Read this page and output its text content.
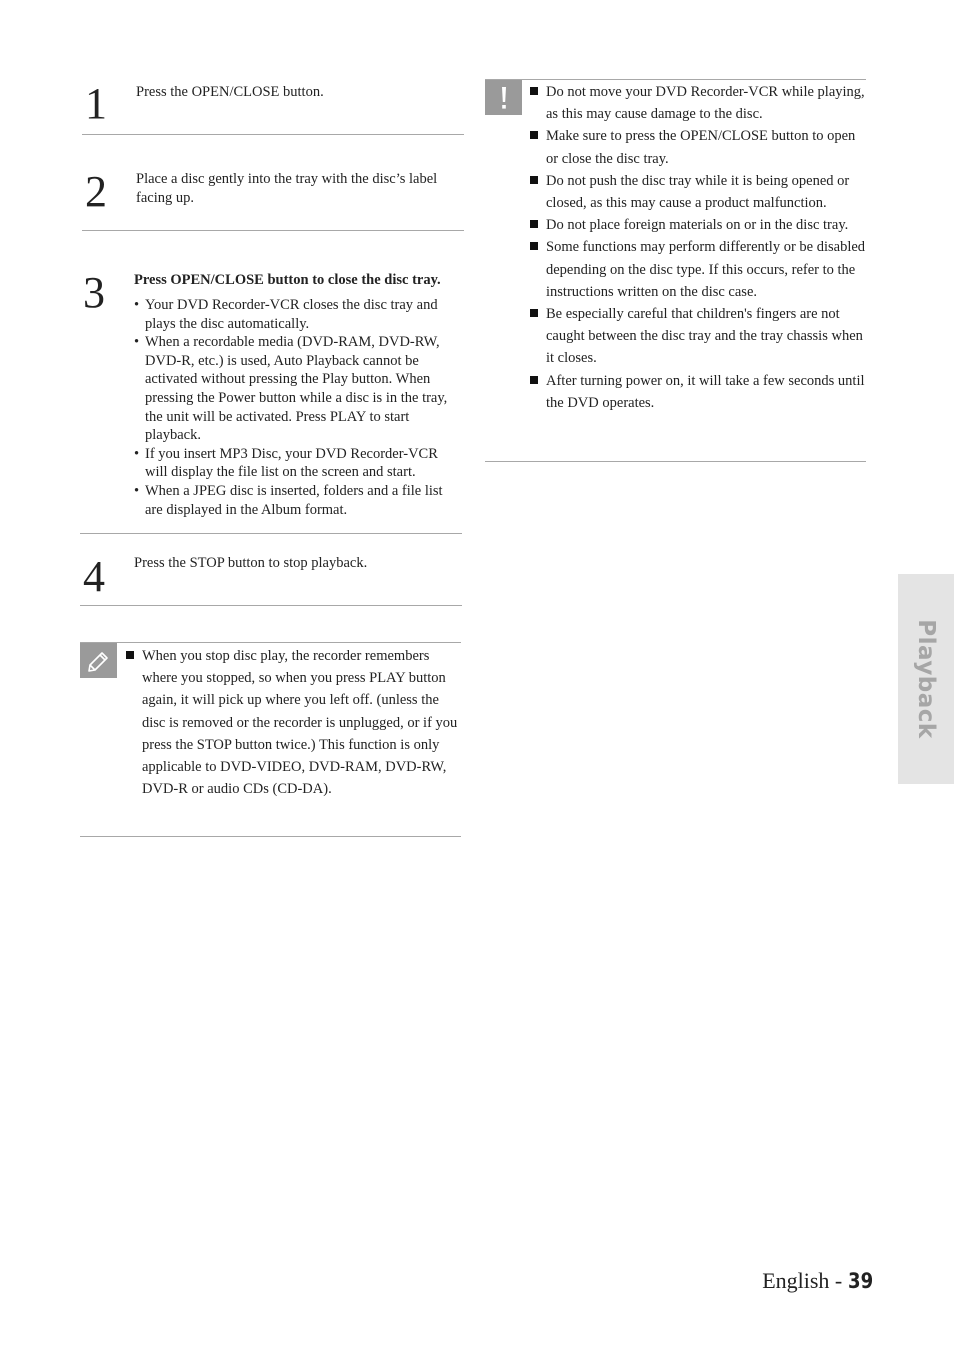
1 Press the OPEN/CLOSE button.
2 Place a disc gently into the tray with the disc’s label facing up.
3 Press OPEN/CLOSE button to close the disc tray.
• Your DVD Recorder-VCR closes the disc tray and plays the disc automatically.
• When a recordable media (DVD-RAM, DVD-RW, DVD-R, etc.) is used, Auto Playback cannot be activated without pressing the Play button. When pressing the Power button while a disc is in the tray, the unit will be activated. Press PLAY to start playback.
• If you insert MP3 Disc, your DVD Recorder-VCR will display the file list on the screen and start.
• When a JPEG disc is inserted, folders and a file list are displayed in the Album format.
4 Press the STOP button to stop playback.
When you stop disc play, the recorder remembers where you stopped, so when you press PLAY button again, it will pick up where you left off. (unless the disc is removed or the recorder is unplugged, or if you press the STOP button twice.) This function is only applicable to DVD-VIDEO, DVD-RAM, DVD-RW, DVD-R or audio CDs (CD-DA).
Do not move your DVD Recorder-VCR while playing, as this may cause damage to the disc.
Make sure to press the OPEN/CLOSE button to open or close the disc tray.
Do not push the disc tray while it is being opened or closed, as this may cause a product malfunction.
Do not place foreign materials on or in the disc tray.
Some functions may perform differently or be disabled depending on the disc type. If this occurs, refer to the instructions written on the disc case.
Be especially careful that children's fingers are not caught between the disc tray and the tray chassis when it closes.
After turning power on, it will take a few seconds until the DVD operates.
Playback
English - 39
